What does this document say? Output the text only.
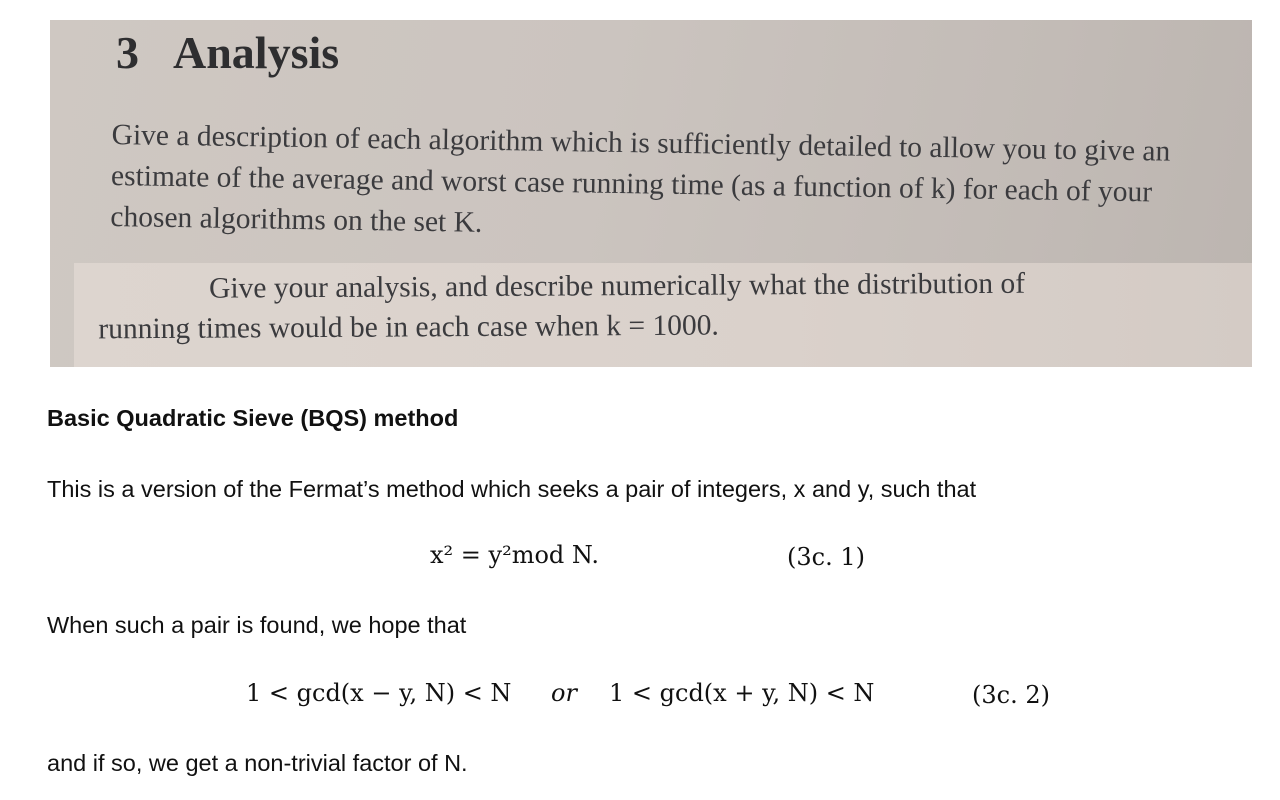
3 Analysis
Give a description of each algorithm which is sufficiently detailed to allow you to give an estimate of the average and worst case running time (as a function of k) for each of your chosen algorithms on the set K.
Give your analysis, and describe numerically what the distribution of
running times would be in each case when k = 1000.
Basic Quadratic Sieve (BQS) method
This is a version of the Fermat’s method which seeks a pair of integers, x and y, such that
x² = y²mod N.	(3c. 1)
When such a pair is found, we hope that
1 < gcd(x − y, N) < N or 1 < gcd(x + y, N) < N	(3c. 2)
and if so, we get a non-trivial factor of N.
